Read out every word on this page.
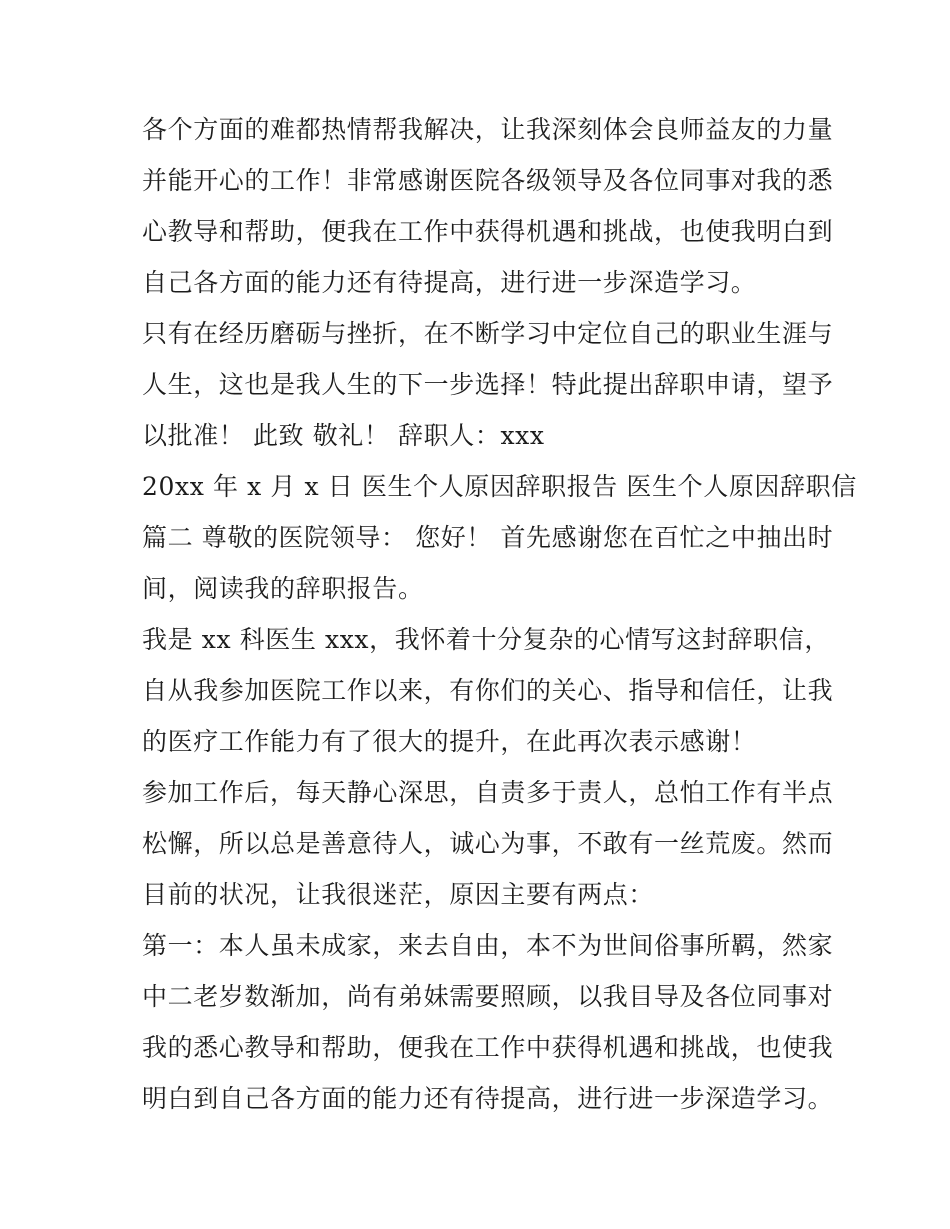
各个方面的难都热情帮我解决，让我深刻体会良师益友的力量

并能开心的工作！非常感谢医院各级领导及各位同事对我的悉

心教导和帮助，便我在工作中获得机遇和挑战，也使我明白到

自己各方面的能力还有待提高，进行进一步深造学习。

只有在经历磨砺与挫折，在不断学习中定位自己的职业生涯与

人生，这也是我人生的下一步选择！特此提出辞职申请，望予

以批准！ 此致 敬礼！ 辞职人：xxx

20xx 年 x 月 x 日 医生个人原因辞职报告 医生个人原因辞职信

篇二 尊敬的医院领导： 您好！ 首先感谢您在百忙之中抽出时

间，阅读我的辞职报告。

我是 xx 科医生 xxx，我怀着十分复杂的心情写这封辞职信，

自从我参加医院工作以来，有你们的关心、指导和信任，让我

的医疗工作能力有了很大的提升，在此再次表示感谢！

参加工作后，每天静心深思，自责多于责人，总怕工作有半点

松懈，所以总是善意待人，诚心为事，不敢有一丝荒废。然而

目前的状况，让我很迷茫，原因主要有两点：

第一：本人虽未成家，来去自由，本不为世间俗事所羁，然家

中二老岁数渐加，尚有弟妹需要照顾，以我目导及各位同事对

我的悉心教导和帮助，便我在工作中获得机遇和挑战，也使我

明白到自己各方面的能力还有待提高，进行进一步深造学习。
